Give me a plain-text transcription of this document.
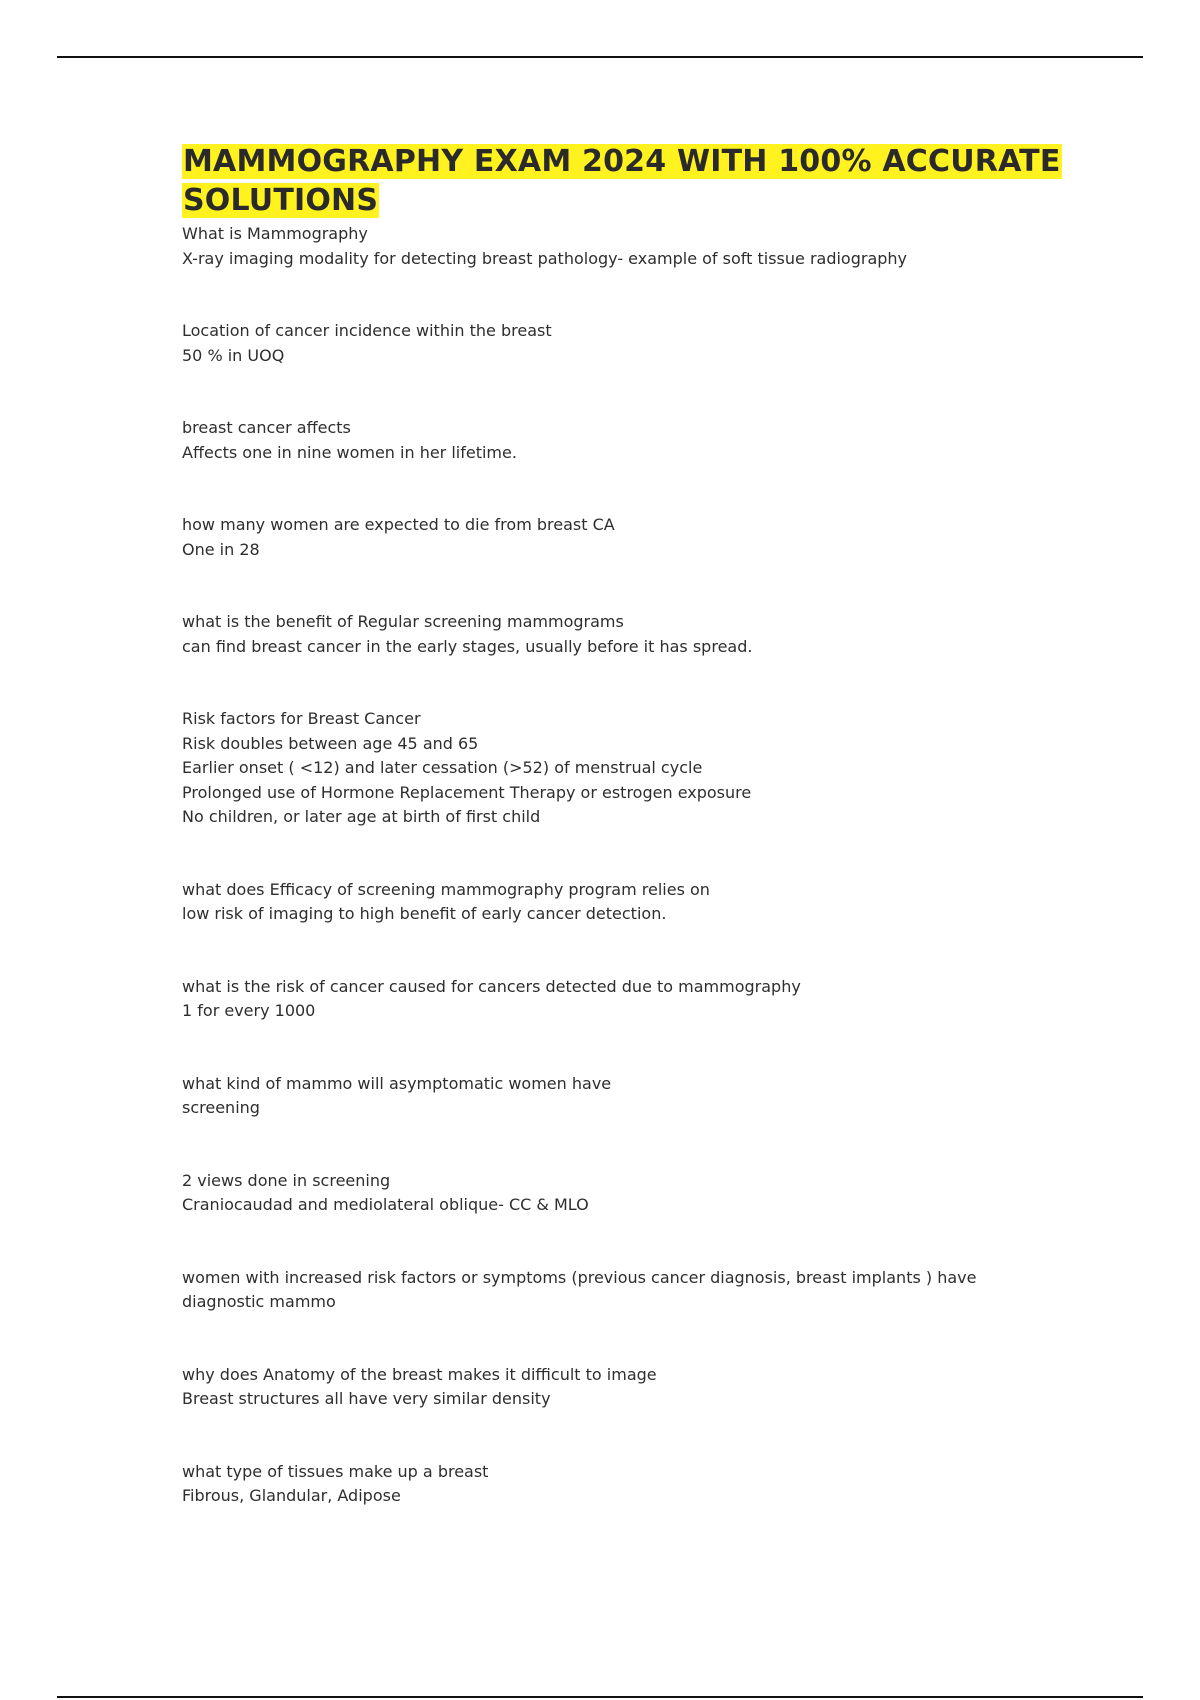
MAMMOGRAPHY EXAM 2024 WITH 100% ACCURATE SOLUTIONS
What is Mammography
X-ray imaging modality for detecting breast pathology- example of soft tissue radiography
Location of cancer incidence within the breast
50 % in UOQ
breast cancer affects
Affects one in nine women in her lifetime.
how many women are expected to die from breast CA
One in 28
what is the benefit of Regular screening mammograms
can find breast cancer in the early stages, usually before it has spread.
Risk factors for Breast Cancer
Risk doubles between age 45 and 65
Earlier onset ( <12) and later cessation (>52) of menstrual cycle
Prolonged use of Hormone Replacement Therapy or estrogen exposure
No children, or later age at birth of first child
what does Efficacy of screening mammography program relies on
low risk of imaging to high benefit of early cancer detection.
what is the risk of cancer caused for cancers detected due to mammography
1 for every 1000
what kind of mammo will asymptomatic women have
screening
2 views done in screening
Craniocaudad and mediolateral oblique- CC & MLO
women with increased risk factors or symptoms (previous cancer diagnosis, breast implants ) have
diagnostic mammo
why does Anatomy of the breast makes it difficult to image
Breast structures all have very similar density
what type of tissues make up a breast
Fibrous, Glandular, Adipose
